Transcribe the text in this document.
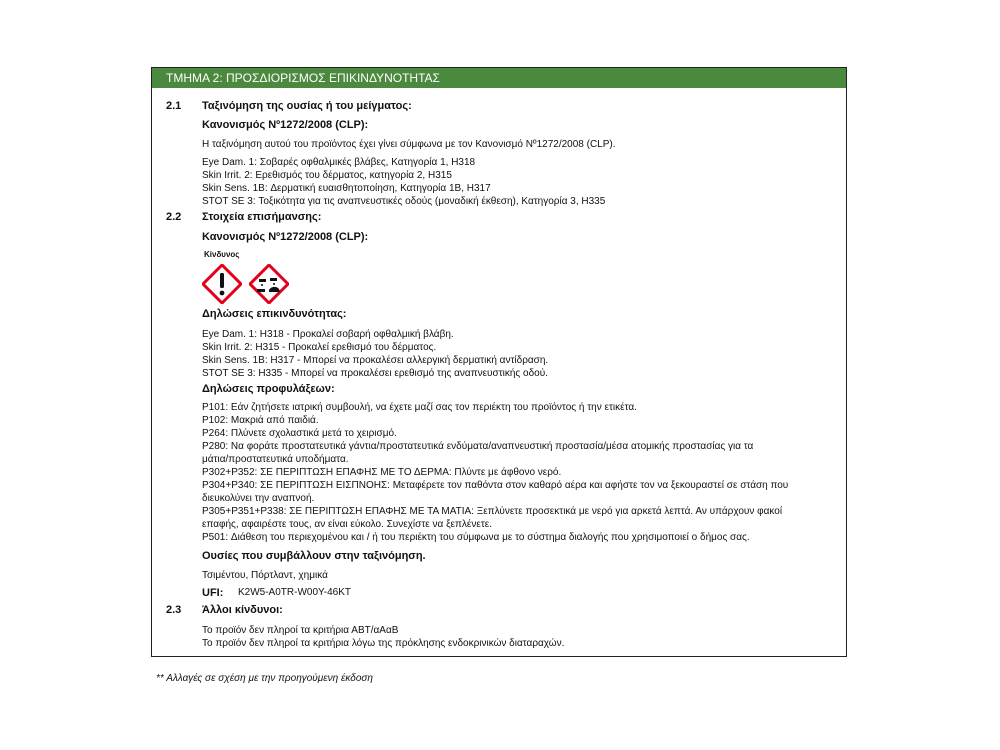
ΤΜΗΜΑ 2: ΠΡΟΣΔΙΟΡΙΣΜΟΣ ΕΠΙΚΙΝΔΥΝΟΤΗΤΑΣ
2.1 Ταξινόμηση της ουσίας ή του μείγματος:
Κανονισμός Nº1272/2008 (CLP):
Η ταξινόμηση αυτού του προϊόντος έχει γίνει σύμφωνα με τον Κανονισμό Nº1272/2008 (CLP).
Eye Dam. 1: Σοβαρές οφθαλμικές βλάβες, Κατηγορία 1, H318
Skin Irrit. 2: Ερεθισμός του δέρματος, κατηγορία 2, H315
Skin Sens. 1B: Δερματική ευαισθητοποίηση, Κατηγορία 1B, H317
STOT SE 3: Τοξικότητα για τις αναπνευστικές οδούς (μοναδική έκθεση), Κατηγορία 3, H335
2.2 Στοιχεία επισήμανσης:
Κανονισμός Nº1272/2008 (CLP):
Κίνδυνος
Δηλώσεις επικινδυνότητας:
Eye Dam. 1: H318 - Προκαλεί σοβαρή οφθαλμική βλάβη.
Skin Irrit. 2: H315 - Προκαλεί ερεθισμό του δέρματος.
Skin Sens. 1B: H317 - Μπορεί να προκαλέσει αλλεργική δερματική αντίδραση.
STOT SE 3: H335 - Μπορεί να προκαλέσει ερεθισμό της αναπνευστικής οδού.
Δηλώσεις προφυλάξεων:
P101: Εάν ζητήσετε ιατρική συμβουλή, να έχετε μαζί σας τον περιέκτη του προϊόντος ή την ετικέτα.
P102: Μακριά από παιδιά.
P264: Πλύνετε σχολαστικά μετά το χειρισμό.
P280: Να φοράτε προστατευτικά γάντια/προστατευτικά ενδύματα/αναπνευστική προστασία/μέσα ατομικής προστασίας για τα
μάτια/προστατευτικά υποδήματα.
P302+P352: ΣΕ ΠΕΡΙΠΤΩΣΗ ΕΠΑΦΗΣ ΜΕ ΤΟ ΔΕΡΜΑ: Πλύντε με άφθονο νερό.
P304+P340: ΣΕ ΠΕΡΙΠΤΩΣΗ ΕΙΣΠΝΟΗΣ: Μεταφέρετε τον παθόντα στον καθαρό αέρα και αφήστε τον να ξεκουραστεί σε στάση που
διευκολύνει την αναπνοή.
P305+P351+P338: ΣΕ ΠΕΡΙΠΤΩΣΗ ΕΠΑΦΗΣ ΜΕ ΤΑ ΜΑΤΙΑ: Ξεπλύνετε προσεκτικά με νερό για αρκετά λεπτά. Αν υπάρχουν φακοί
επαφής, αφαιρέστε τους, αν είναι εύκολο. Συνεχίστε να ξεπλένετε.
P501: Διάθεση του περιεχομένου και / ή του περιέκτη του σύμφωνα με το σύστημα διαλογής που χρησιμοποιεί ο δήμος σας.
Ουσίες που συμβάλλουν στην ταξινόμηση.
Τσιμέντου, Πόρτλαντ, χημικά
UFI: K2W5-A0TR-W00Y-46KT
2.3 Άλλοι κίνδυνοι:
Το προϊόν δεν πληροί τα κριτήρια ΑΒΤ/αΑαΒ
Το προϊόν δεν πληροί τα κριτήρια λόγω της πρόκλησης ενδοκρινικών διαταραχών.
** Αλλαγές σε σχέση με την προηγούμενη έκδοση
